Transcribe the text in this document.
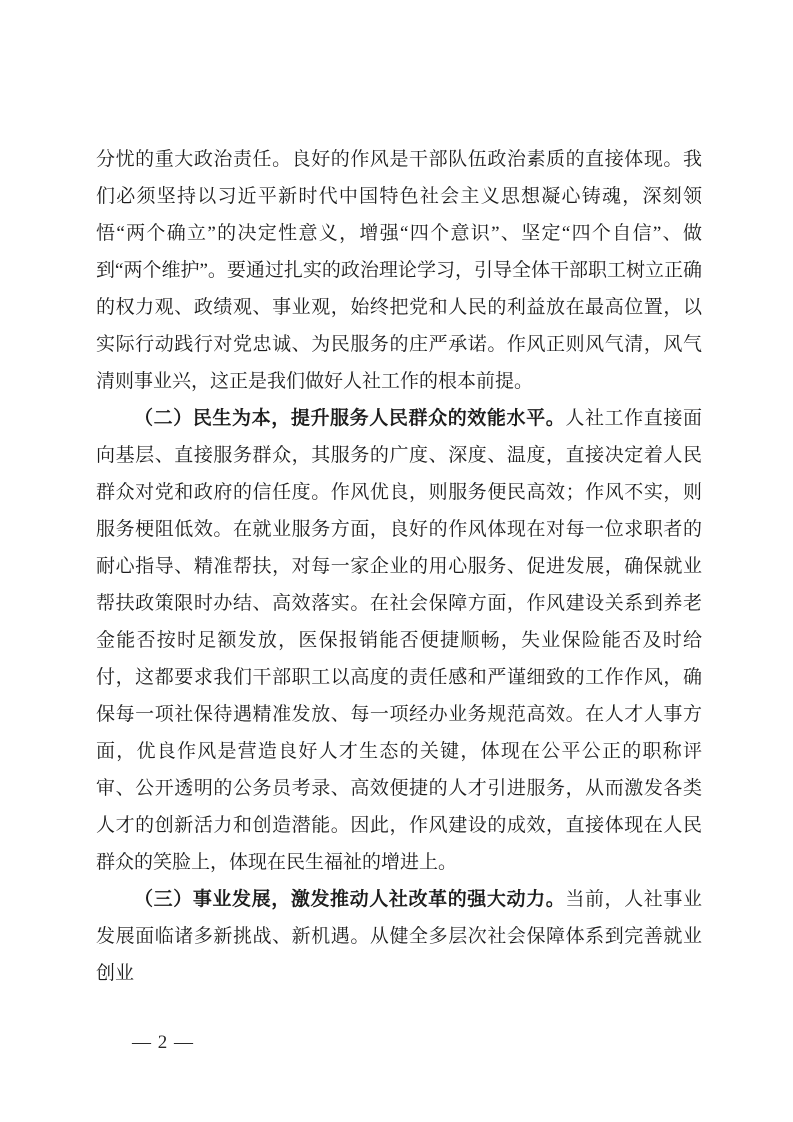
分忧的重大政治责任。良好的作风是干部队伍政治素质的直接体现。我们必须坚持以习近平新时代中国特色社会主义思想凝心铸魂，深刻领悟“两个确立”的决定性意义，增强“四个意识”、坚定“四个自信”、做到“两个维护”。要通过扎实的政治理论学习，引导全体干部职工树立正确的权力观、政绩观、事业观，始终把党和人民的利益放在最高位置，以实际行动践行对党忠诚、为民服务的庄严承诺。作风正则风气清，风气清则事业兴，这正是我们做好人社工作的根本前提。

（二）民生为本，提升服务人民群众的效能水平。人社工作直接面向基层、直接服务群众，其服务的广度、深度、温度，直接决定着人民群众对党和政府的信任度。作风优良，则服务便民高效；作风不实，则服务梗阻低效。在就业服务方面，良好的作风体现在对每一位求职者的耐心指导、精准帮扶，对每一家企业的用心服务、促进发展，确保就业帮扶政策限时办结、高效落实。在社会保障方面，作风建设关系到养老金能否按时足额发放，医保报销能否便捷顺畅，失业保险能否及时给付，这都要求我们干部职工以高度的责任感和严谨细致的工作作风，确保每一项社保待遇精准发放、每一项经办业务规范高效。在人才人事方面，优良作风是营造良好人才生态的关键，体现在公平公正的职称评审、公开透明的公务员考录、高效便捷的人才引进服务，从而激发各类人才的创新活力和创造潜能。因此，作风建设的成效，直接体现在人民群众的笑脸上，体现在民生福祉的增进上。

（三）事业发展，激发推动人社改革的强大动力。当前，人社事业发展面临诸多新挑战、新机遇。从健全多层次社会保障体系到完善就业创业

— 2 —
